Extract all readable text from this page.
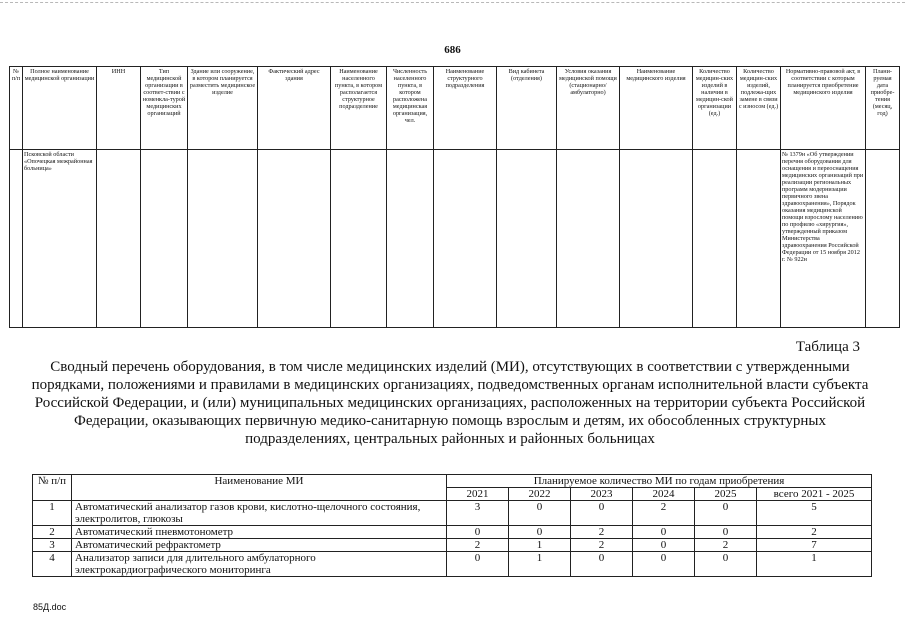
686
№ п/п	Полное наименование медицинской организации	ИНН	Тип медицинской организации в соответ-ствии с номенкла-турой медицинских организаций	Здание или сооружение, в котором планируется разместить медицинское изделие	Фактический адрес здания	Наименование населенного пункта, в котором располагается структурное подразделение	Численность населенного пункта, в котором расположена медицинская организация, чел.	Наименование структурного подразделения	Вид кабинета (отделения)	Условия оказания медицинской помощи (стационарно/ амбулаторно)	Наименование медицинского изделия	Количество медицин-ских изделий в наличии в медицин-ской организации (ед.)	Количество медицин-ских изделий, подлежа-щих замене в связи с износом (ед.)	Нормативно-правовой акт, в соответствии с которым планируется приобретение медицинского изделия	Плани-руемая дата приобре-тения (месяц, год)
	Псковской области «Опочецкая межрайонная больница»													№ 1379н «Об утверждении перечня оборудования для оснащения и переоснащения медицинских организаций при реализации региональных программ модернизации первичного звена здравоохранения», Порядок оказания медицинской помощи взрослому населению по профилю «хирургия», утвержденный приказом Министерства здравоохранения Российской Федерации от 15 ноября 2012 г. № 922н	
Таблица 3
Сводный перечень оборудования, в том числе медицинских изделий (МИ), отсутствующих в соответствии с утвержденными порядками, положениями и правилами в медицинских организациях, подведомственных органам исполнительной власти субъекта Российской Федерации, и (или) муниципальных медицинских организациях, расположенных на территории субъекта Российской Федерации, оказывающих первичную медико-санитарную помощь взрослым и детям, их обособленных структурных подразделениях, центральных районных и районных больницах
№ п/п	Наименование МИ	Планируемое количество МИ по годам приобретения					
		2021	2022	2023	2024	2025	всего 2021 - 2025
1	Автоматический анализатор газов крови, кислотно-щелочного состояния, электролитов, глюкозы	3	0	0	2	0	5
2	Автоматический пневмотонометр	0	0	2	0	0	2
3	Автоматический рефрактометр	2	1	2	0	2	7
4	Анализатор записи для длительного амбулаторного электрокардиографического мониторинга	0	1	0	0	0	1
85Д.doc
